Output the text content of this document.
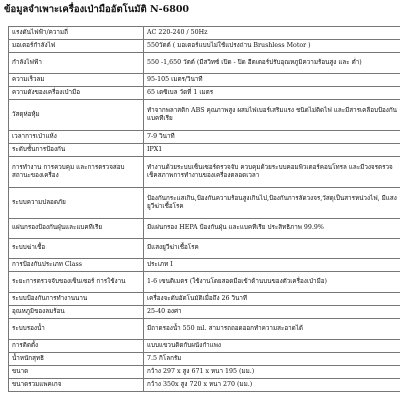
ข้อมูลจำเพาะเครื่องเป่ามืออัตโนมัติ N-6800
แรงดันไฟฟ้า/ความถี่	AC 220-240 / 50Hz
มอเตอร์กำลังไฟ	550วัตต์ ( มอเตอร์แบบไม่ใช้แปรงถ่าน Brushless Motor )
กำลังไฟฟ้า	550 -1,650 วัตต์ (มีสวิทซ์ เปิด - ปิด ฮีตเตอร์ปรับอุณหภูมิความร้อนสูง และ ต่ำ)
ความเร็วลม	95-105 เมตร/วินาที
ความดังของเครื่องเป่ามือ	65 เดซิเบล วัดที่ 1 เมตร
วัสดุห่อหุ้ม	ทำจากพลาสติก ABS คุณภาพสูง ผสมไฟเบอร์เสริมแรง ชนิดไม่ติดไฟ และมีสารเคลือบป้องกันแบคทีเรีย
เวลาการเป่าแห้ง	7-9 วินาที
ระดับชั้นการป้องกัน	IPX1
การทำงาน การควบคุม และการตรวจสอบสถานะของเครื่อง	ทำงานด้วยระบบเซ็นเซอร์ตรวจจับ ควบคุมด้วยระบบคอมพิวเตอร์คอนโทรล และมีวงจรตรวจเช็คสภาพการทำงานของเครื่องตลอดเวลา
ระบบความปลอดภัย	ป้องกันกระแสเกิน,ป้องกันความร้อนสูงเกินไป,ป้องกันการลัดวงจร,วัสดุเป็นสารหน่วงไฟ, มีแสงยูวีฆ่าเชื้อโรค
แผ่นกรองป้องกันฝุ่นและแบคทีเรีย	มีแผ่นกรอง HEPA ป้องกันฝุ่น และแบคทีเรีย ประสิทธิภาพ 99.9%
ระบบฆ่าเชื้อ	มีแสงยูวีฆ่าเชื้อโรค
การป้องกันประเภท Class	ประเภท I
ระยะการตรวจจับของเซ็นเซอร์ การใช้งาน	1-6 เซนติเมตร (ใช้งานโดยสอดมือเข้าด้านบนของตัวเครื่องเป่ามือ)
ระบบป้องกันการทำงานนาน	เครื่องจะดับอัตโนมัติเมื่อถึง 26 วินาที
อุณหภูมิของลมร้อน	25-40 องศา
ระบบรองน้ำ	มีถาดรองน้ำ 550 ml. สามารถถอดออกทำความสะอาดได้
การติดตั้ง	แบบแขวนติดกับผนังกำแพง
น้ำหนักสุทธิ	7.5 กิโลกรัม
ขนาด	กว้าง 297 x สูง 671 x หนา 195 (มม.)
ขนาดรวมแพคเกจ	กว้าง 350x สูง 720 x หนา 270 (มม.)
